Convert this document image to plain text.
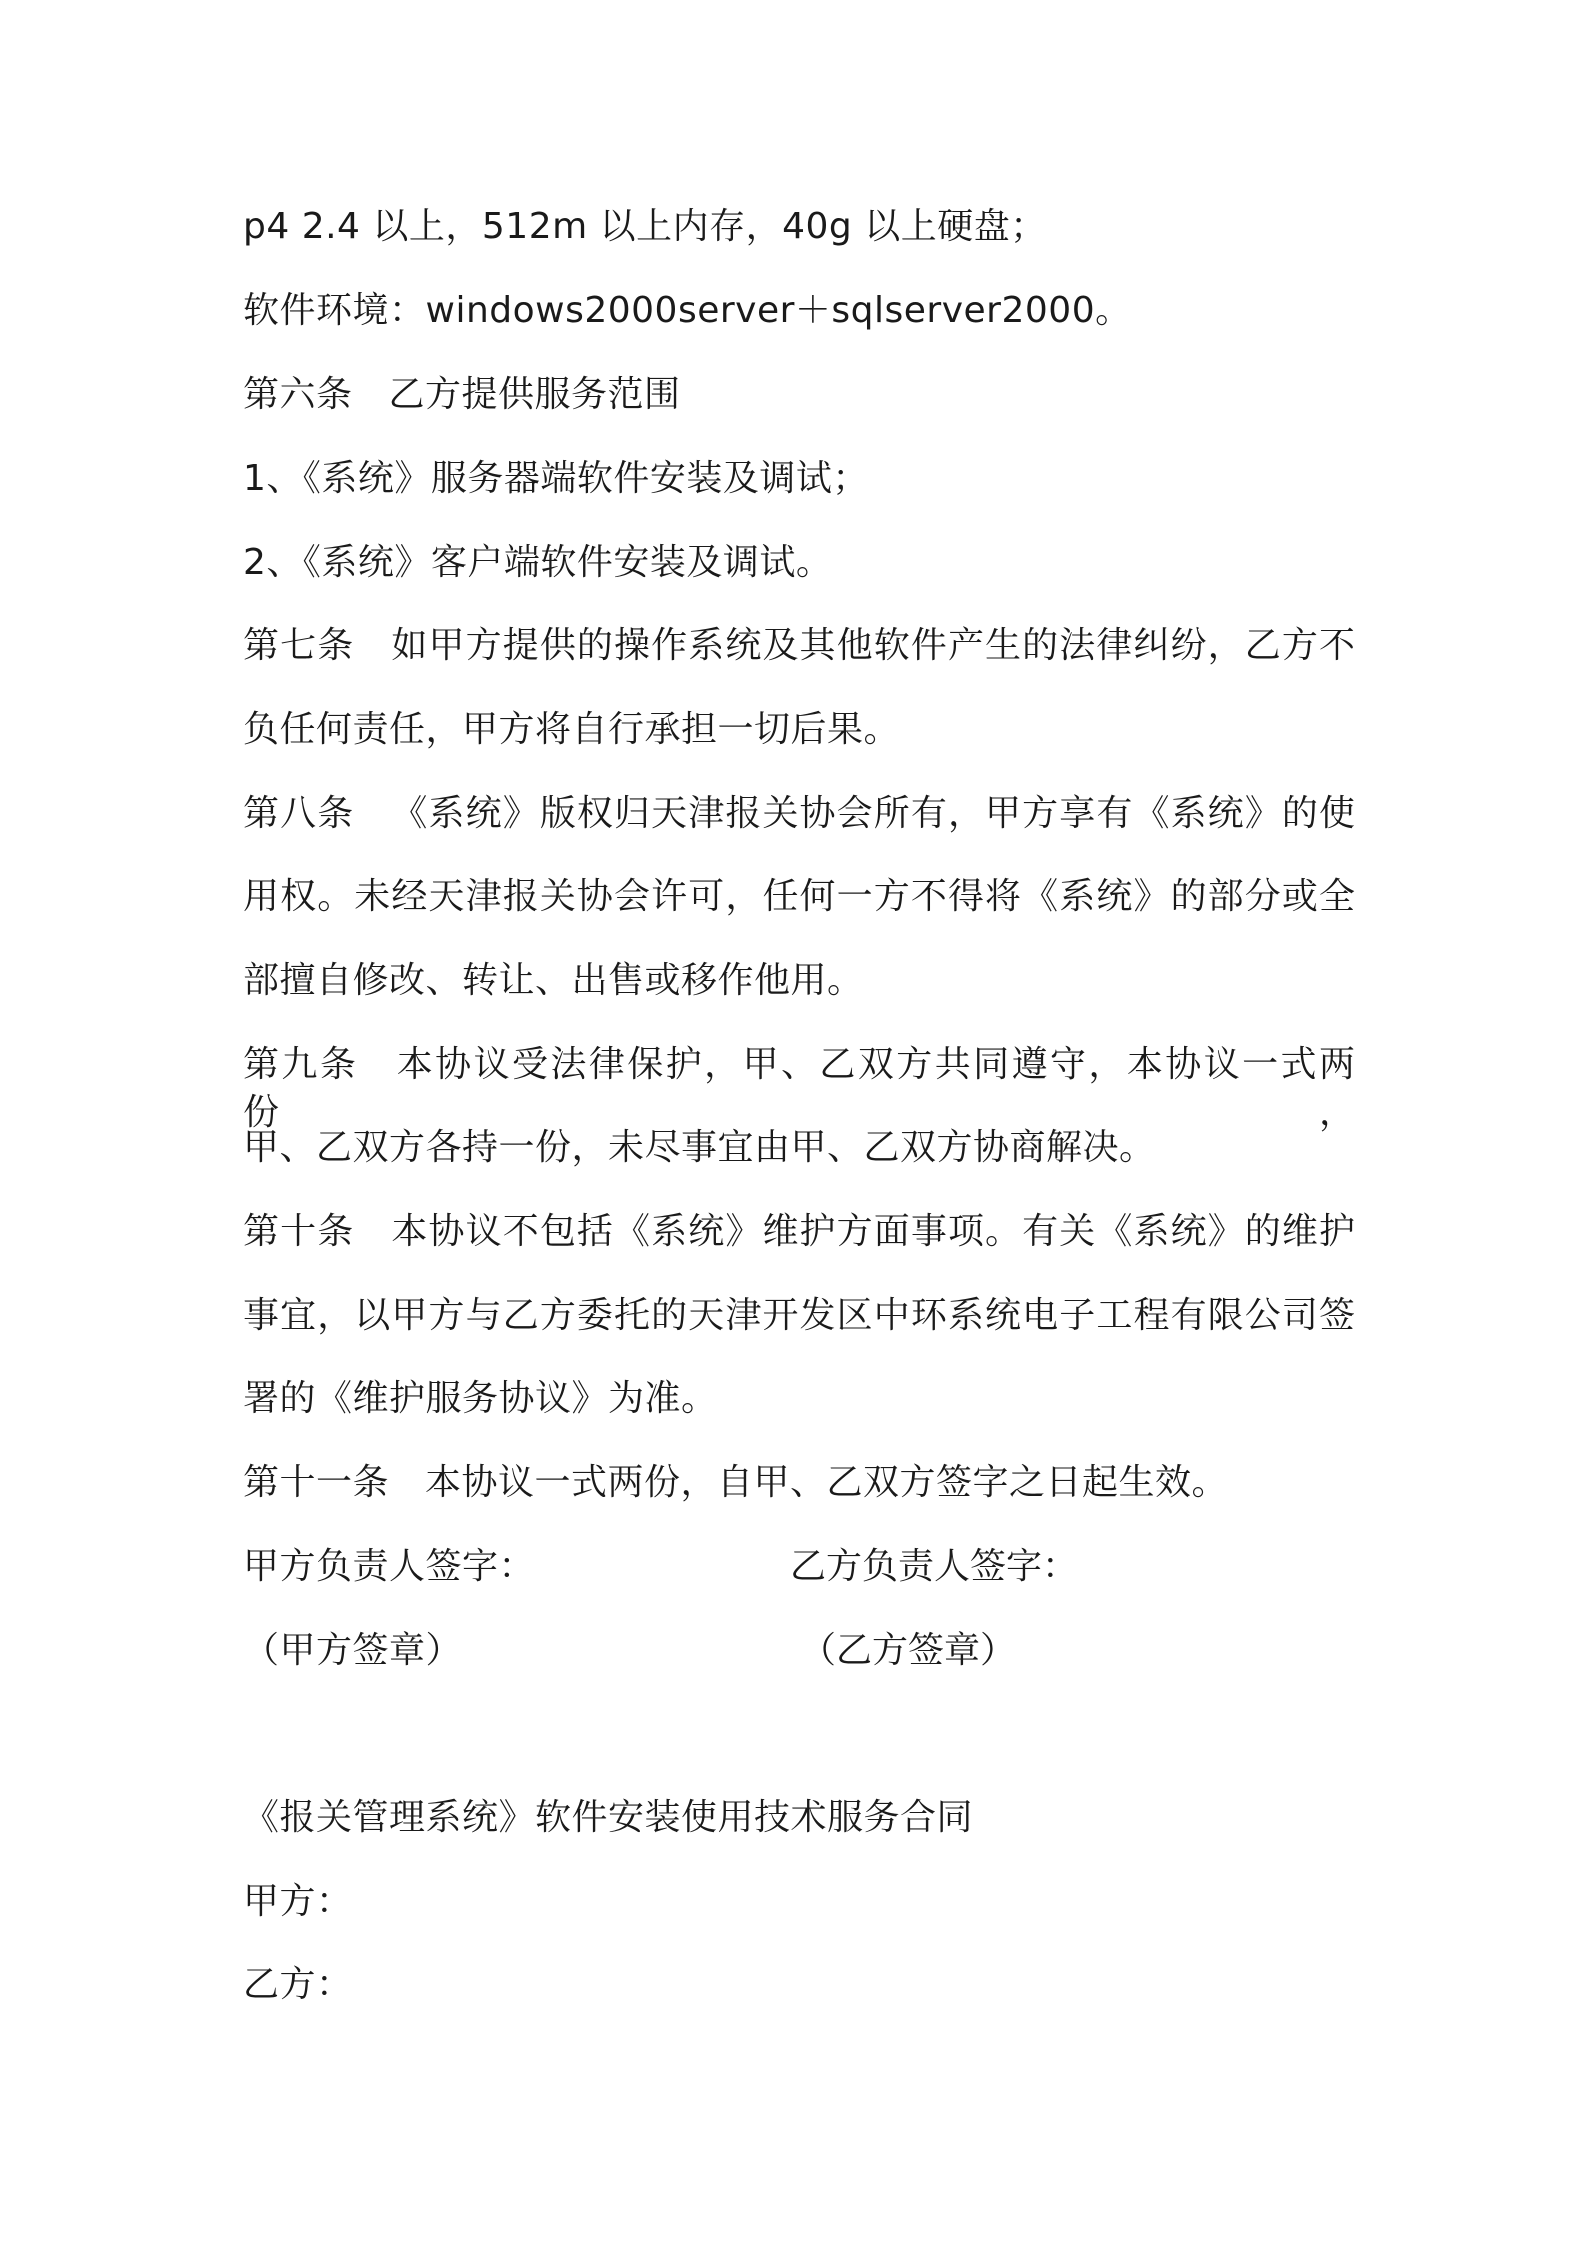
p4 2.4 以上，512m 以上内存，40g 以上硬盘；
软件环境：windows2000server＋sqlserver2000。
第六条 乙方提供服务范围
1、《系统》服务器端软件安装及调试；
2、《系统》客户端软件安装及调试。
第七条 如甲方提供的操作系统及其他软件产生的法律纠纷，乙方不
负任何责任，甲方将自行承担一切后果。
第八条 《系统》版权归天津报关协会所有，甲方享有《系统》的使
用权。未经天津报关协会许可，任何一方不得将《系统》的部分或全
部擅自修改、转让、出售或移作他用。
第九条 本协议受法律保护，甲、乙双方共同遵守，本协议一式两份，
甲、乙双方各持一份，未尽事宜由甲、乙双方协商解决。
第十条 本协议不包括《系统》维护方面事项。有关《系统》的维护
事宜，以甲方与乙方委托的天津开发区中环系统电子工程有限公司签
署的《维护服务协议》为准。
第十一条 本协议一式两份，自甲、乙双方签字之日起生效。
甲方负责人签字：	乙方负责人签字：
（甲方签章）	（乙方签章）
《报关管理系统》软件安装使用技术服务合同
甲方：
乙方：
